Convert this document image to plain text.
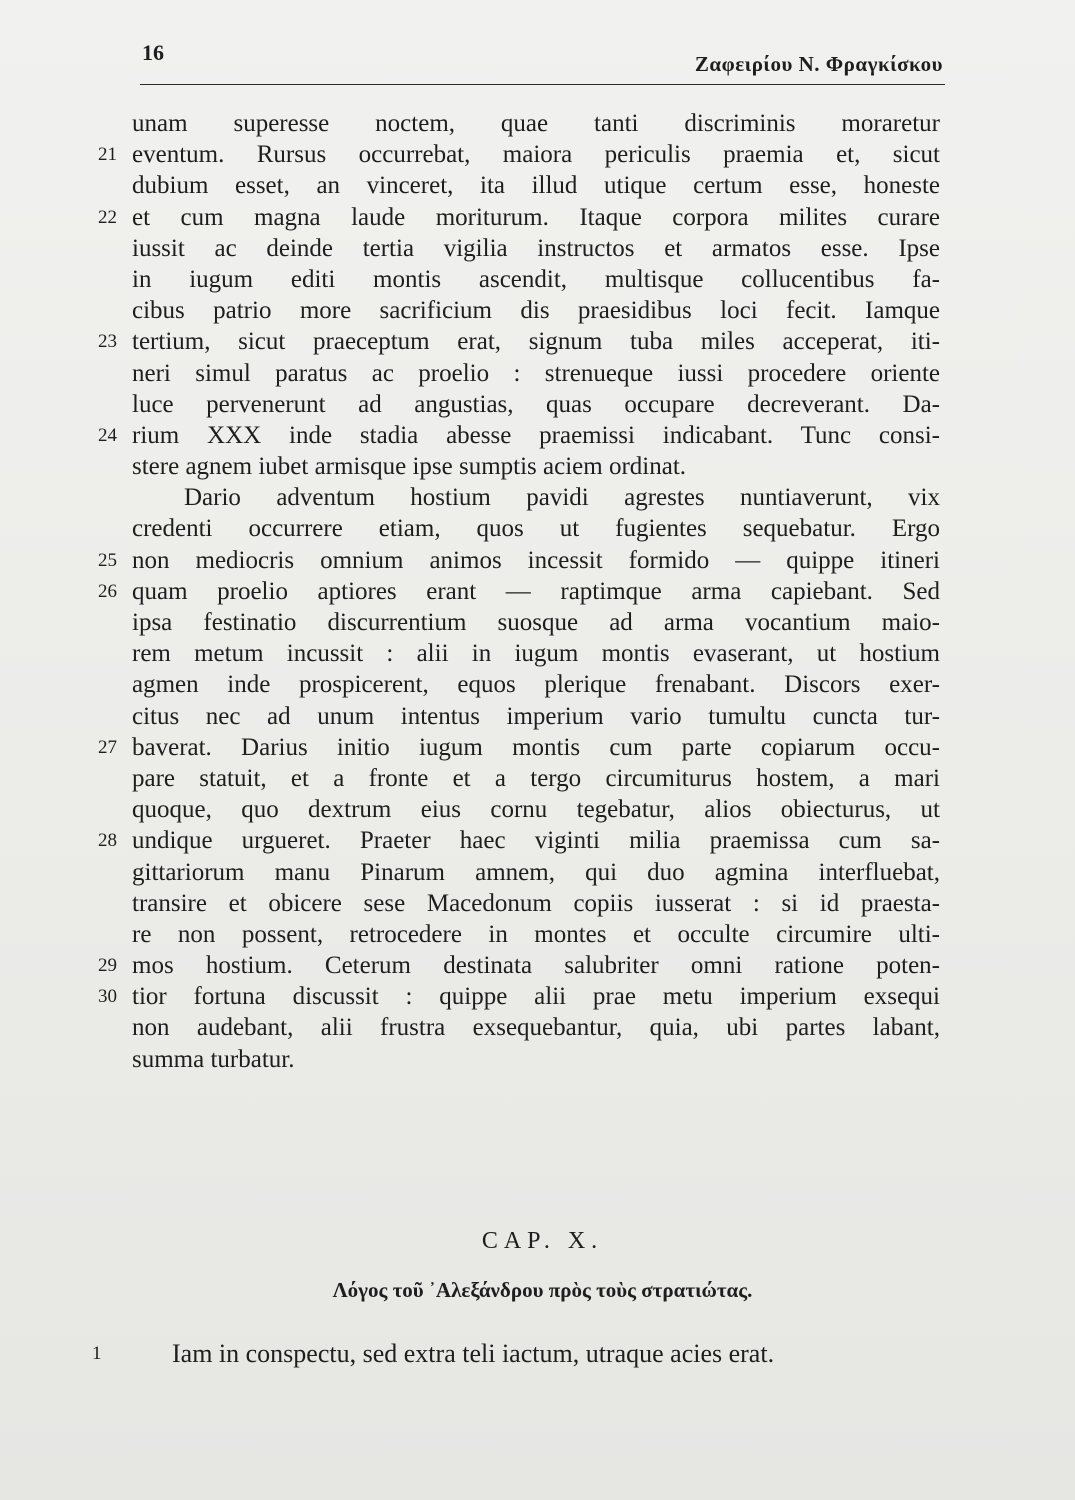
16	Ζαφειρίου Ν. Φραγκίσκου
unam superesse noctem, quae tanti discriminis moraretur
21 eventum. Rursus occurrebat, maiora periculis praemia et, sicut
dubium esset, an vinceret, ita illud utique certum esse, honeste
22 et cum magna laude moriturum. Itaque corpora milites curare
iussit ac deinde tertia vigilia instructos et armatos esse. Ipse
in iugum editi montis ascendit, multisque collucentibus fa-
cibus patrio more sacrificium dis praesidibus loci fecit. Iamque
23 tertium, sicut praeceptum erat, signum tuba miles acceperat, iti-
neri simul paratus ac proelio : strenueque iussi procedere oriente
luce pervenerunt ad angustias, quas occupare decreverant. Da-
24 rium XXX inde stadia abesse praemissi indicabant. Tunc consi-
stere agnem iubet armisque ipse sumptis aciem ordinat.
Dario adventum hostium pavidi agrestes nuntiaverunt, vix
credenti occurrere etiam, quos ut fugientes sequebatur. Ergo
25 non mediocris omnium animos incessit formido — quippe itineri
26 quam proelio aptiores erant — raptimque arma capiebant. Sed
ipsa festinatio discurrentium suosque ad arma vocantium maio-
rem metum incussit : alii in iugum montis evaserant, ut hostium
agmen inde prospicerent, equos plerique frenabant. Discors exer-
citus nec ad unum intentus imperium vario tumultu cuncta tur-
27 baverat. Darius initio iugum montis cum parte copiarum occu-
pare statuit, et a fronte et a tergo circumiturus hostem, a mari
quoque, quo dextrum eius cornu tegebatur, alios obiecturus, ut
28 undique urgueret. Praeter haec viginti milia praemissa cum sa-
gittariorum manu Pinarum amnem, qui duo agmina interfluebat,
transire et obicere sese Macedonum copiis iusserat : si id praesta-
re non possent, retrocedere in montes et occulte circumire ulti-
29 mos hostium. Ceterum destinata salubriter omni ratione poten-
30 tior fortuna discussit : quippe alii prae metu imperium exsequi
non audebant, alii frustra exsequebantur, quia, ubi partes labant,
summa turbatur.
CAP. X.
Λόγος τοῦ ᾿Αλεξάνδρου πρὸς τοὺς στρατιώτας.
1	Iam in conspectu, sed extra teli iactum, utraque acies erat.
